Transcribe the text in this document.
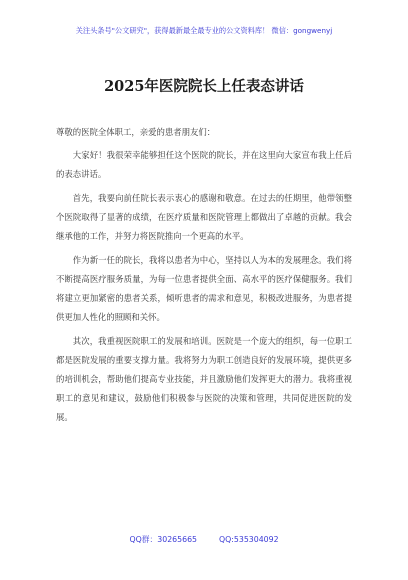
关注头条号"公文研究"，获得最新最全最专业的公文资料库！ 微信：gongwenyj
2025年医院院长上任表态讲话

尊敬的医院全体职工，亲爱的患者朋友们：

大家好！我很荣幸能够担任这个医院的院长，并在这里向大家宣布我上任后的表态讲话。

首先，我要向前任院长表示衷心的感谢和敬意。在过去的任期里，他带领整个医院取得了显著的成绩，在医疗质量和医院管理上都做出了卓越的贡献。我会继承他的工作，并努力将医院推向一个更高的水平。

作为新一任的院长，我将以患者为中心，坚持以人为本的发展理念。我们将不断提高医疗服务质量，为每一位患者提供全面、高水平的医疗保健服务。我们将建立更加紧密的患者关系，倾听患者的需求和意见，积极改进服务，为患者提供更加人性化的照顾和关怀。

其次，我重视医院职工的发展和培训。医院是一个庞大的组织，每一位职工都是医院发展的重要支撑力量。我将努力为职工创造良好的发展环境，提供更多的培训机会，帮助他们提高专业技能，并且激励他们发挥更大的潜力。我将重视职工的意见和建议，鼓励他们积极参与医院的决策和管理，共同促进医院的发展。

QQ群：30265665	QQ:535304092
